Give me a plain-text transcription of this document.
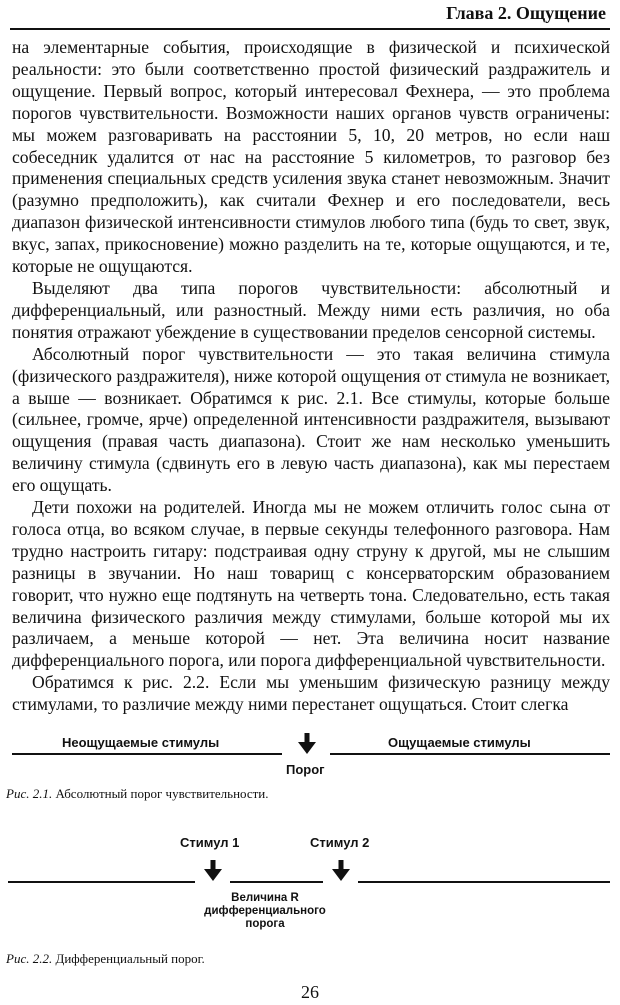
Глава 2. Ощущение

на элементарные события, происходящие в физической и психической реальности: это были соответственно простой физический раздражитель и ощущение. Первый вопрос, который интересовал Фехнера, — это проблема порогов чувствительности. Возможности наших органов чувств ограничены: мы можем разговаривать на расстоянии 5, 10, 20 метров, но если наш собеседник удалится от нас на расстояние 5 километров, то разговор без применения специальных средств усиления звука станет невозможным. Значит (разумно предположить), как считали Фехнер и его последователи, весь диапазон физической интенсивности стимулов любого типа (будь то свет, звук, вкус, запах, прикосновение) можно разделить на те, которые ощущаются, и те, которые не ощущаются.

Выделяют два типа порогов чувствительности: абсолютный и дифференциальный, или разностный. Между ними есть различия, но оба понятия отражают убеждение в существовании пределов сенсорной системы.

Абсолютный порог чувствительности — это такая величина стимула (физического раздражителя), ниже которой ощущения от стимула не возникает, а выше — возникает. Обратимся к рис. 2.1. Все стимулы, которые больше (сильнее, громче, ярче) определенной интенсивности раздражителя, вызывают ощущения (правая часть диапазона). Стоит же нам несколько уменьшить величину стимула (сдвинуть его в левую часть диапазона), как мы перестаем его ощущать.

Дети похожи на родителей. Иногда мы не можем отличить голос сына от голоса отца, во всяком случае, в первые секунды телефонного разговора. Нам трудно настроить гитару: подстраивая одну струну к другой, мы не слышим разницы в звучании. Но наш товарищ с консерваторским образованием говорит, что нужно еще подтянуть на четверть тона. Следовательно, есть такая величина физического различия между стимулами, больше которой мы их различаем, а меньше которой — нет. Эта величина носит название дифференциального порога, или порога дифференциальной чувствительности.

Обратимся к рис. 2.2. Если мы уменьшим физическую разницу между стимулами, то различие между ними перестанет ощущаться. Стоит слегка

Неощущаемые стимулы	Ощущаемые стимулы
Порог
Рис. 2.1. Абсолютный порог чувствительности.
Стимул 1	Стимул 2
Величина R
дифференциального
порога
Рис. 2.2. Дифференциальный порог.
26
